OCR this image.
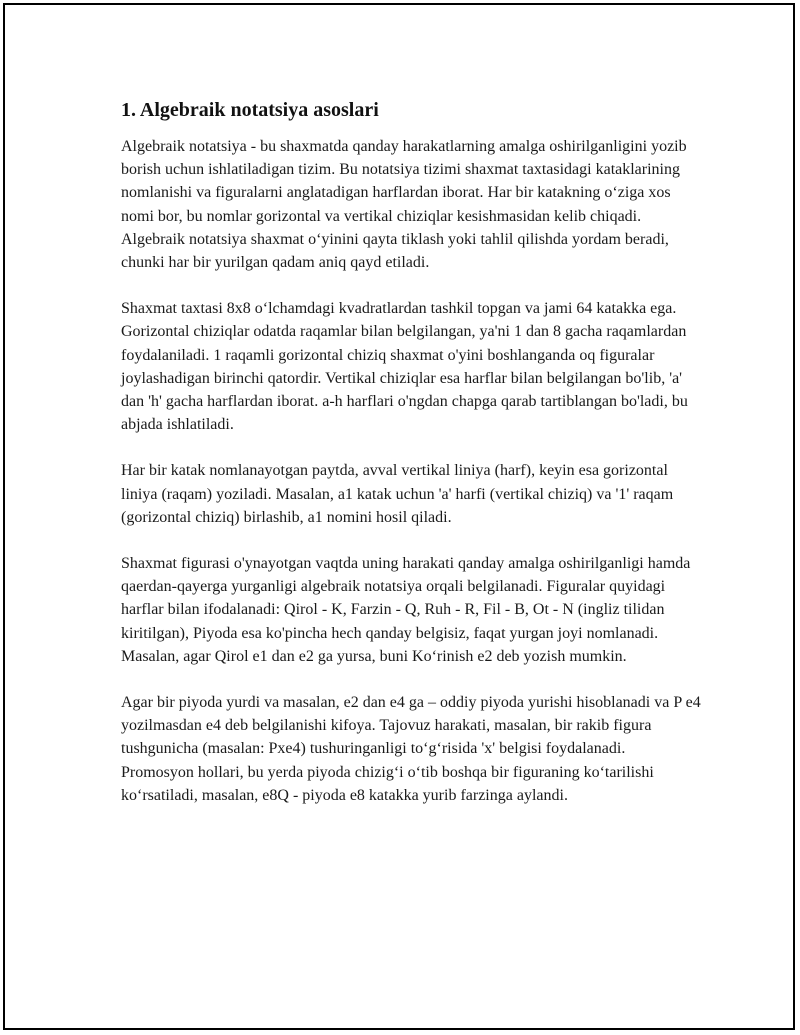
1. Algebraik notatsiya asoslari

Algebraik notatsiya - bu shaxmatda qanday harakatlarning amalga oshirilganligini yozib borish uchun ishlatiladigan tizim. Bu notatsiya tizimi shaxmat taxtasidagi kataklarining nomlanishi va figuralarni anglatadigan harflardan iborat. Har bir katakning o‘ziga xos nomi bor, bu nomlar gorizontal va vertikal chiziqlar kesishmasidan kelib chiqadi. Algebraik notatsiya shaxmat o‘yinini qayta tiklash yoki tahlil qilishda yordam beradi, chunki har bir yurilgan qadam aniq qayd etiladi.

Shaxmat taxtasi 8x8 o‘lchamdagi kvadratlardan tashkil topgan va jami 64 katakka ega. Gorizontal chiziqlar odatda raqamlar bilan belgilangan, ya'ni 1 dan 8 gacha raqamlardan foydalaniladi. 1 raqamli gorizontal chiziq shaxmat o'yini boshlanganda oq figuralar joylashadigan birinchi qatordir. Vertikal chiziqlar esa harflar bilan belgilangan bo'lib, 'a' dan 'h' gacha harflardan iborat. a-h harflari o'ngdan chapga qarab tartiblangan bo'ladi, bu abjada ishlatiladi.

Har bir katak nomlanayotgan paytda, avval vertikal liniya (harf), keyin esa gorizontal liniya (raqam) yoziladi. Masalan, a1 katak uchun 'a' harfi (vertikal chiziq) va '1' raqam (gorizontal chiziq) birlashib, a1 nomini hosil qiladi.

Shaxmat figurasi o'ynayotgan vaqtda uning harakati qanday amalga oshirilganligi hamda qaerdan-qayerga yurganligi algebraik notatsiya orqali belgilanadi. Figuralar quyidagi harflar bilan ifodalanadi: Qirol - K, Farzin - Q, Ruh - R, Fil - B, Ot - N (ingliz tilidan kiritilgan), Piyoda esa ko'pincha hech qanday belgisiz, faqat yurgan joyi nomlanadi. Masalan, agar Qirol e1 dan e2 ga yursa, buni Ko‘rinish e2 deb yozish mumkin.

Agar bir piyoda yurdi va masalan, e2 dan e4 ga – oddiy piyoda yurishi hisoblanadi va P e4 yozilmasdan e4 deb belgilanishi kifoya. Tajovuz harakati, masalan, bir rakib figura tushgunicha (masalan: Pxe4) tushuringanligi to‘g‘risida 'x' belgisi foydalanadi. Promosyon hollari, bu yerda piyoda chizig‘i o‘tib boshqa bir figuraning ko‘tarilishi ko‘rsatiladi, masalan, e8Q - piyoda e8 katakka yurib farzinga aylandi.
